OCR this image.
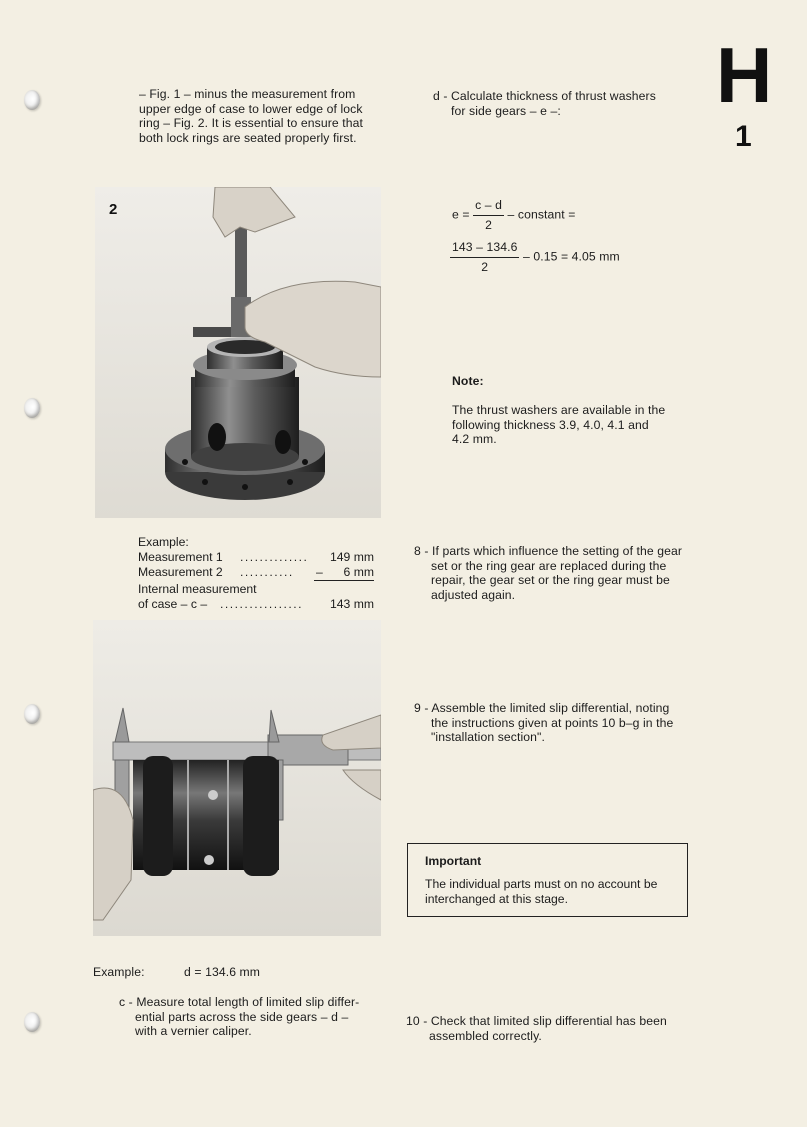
H
1
– Fig. 1 – minus the measurement from
upper edge of case to lower edge of lock
ring – Fig. 2. It is essential to ensure that
both lock rings are seated properly first.
2
Example:
Measurement 1 .............. 149 mm
Measurement 2 ........... – 6 mm
Internal measurement
of case – c – ................. 143 mm
Example:	d = 134.6 mm
c - Measure total length of limited slip differ-
ential parts across the side gears – d –
with a vernier caliper.
d - Calculate thickness of thrust washers
for side gears – e –:
$e = \frac{c - d}{2}$ – constant =
$\frac{143 - 134.6}{2} - 0.15 = 4.05$ mm
Note:
The thrust washers are available in the
following thickness 3.9, 4.0, 4.1 and
4.2 mm.
8 - If parts which influence the setting of the gear
set or the ring gear are replaced during the
repair, the gear set or the ring gear must be
adjusted again.
9 - Assemble the limited slip differential, noting
the instructions given at points 10 b–g in the
"installation section".
Important
The individual parts must on no account be
interchanged at this stage.
10 - Check that limited slip differential has been
assembled correctly.
